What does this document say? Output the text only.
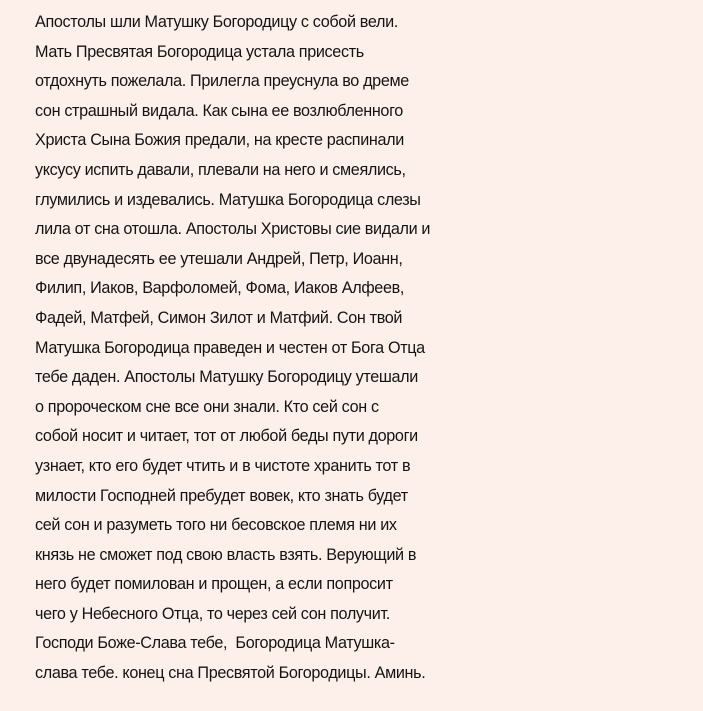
Апостолы шли Матушку Богородицу с собой вели.
Мать Пресвятая Богородица устала присесть
отдохнуть пожелала. Прилегла преуснула во дреме
сон страшный видала. Как сына ее возлюбленного
Христа Сына Божия предали, на кресте распинали
уксусу испить давали, плевали на него и смеялись,
глумились и издевались. Матушка Богородица слезы
лила от сна отошла. Апостолы Христовы сие видали и
все двунадесять ее утешали Андрей, Петр, Иоанн,
Филип, Иаков, Варфоломей, Фома, Иаков Алфеев,
Фадей, Матфей, Симон Зилот и Матфий. Сон твой
Матушка Богородица праведен и честен от Бога Отца
тебе даден. Апостолы Матушку Богородицу утешали
о пророческом сне все они знали. Кто сей сон с
собой носит и читает, тот от любой беды пути дороги
узнает, кто его будет чтить и в чистоте хранить тот в
милости Господней пребудет вовек, кто знать будет
сей сон и разуметь того ни бесовское племя ни их
князь не сможет под свою власть взять. Верующий в
него будет помилован и прощен, а если попросит
чего у Небесного Отца, то через сей сон получит.
Господи Боже-Слава тебе,  Богородица Матушка-
слава тебе. конец сна Пресвятой Богородицы. Аминь.
